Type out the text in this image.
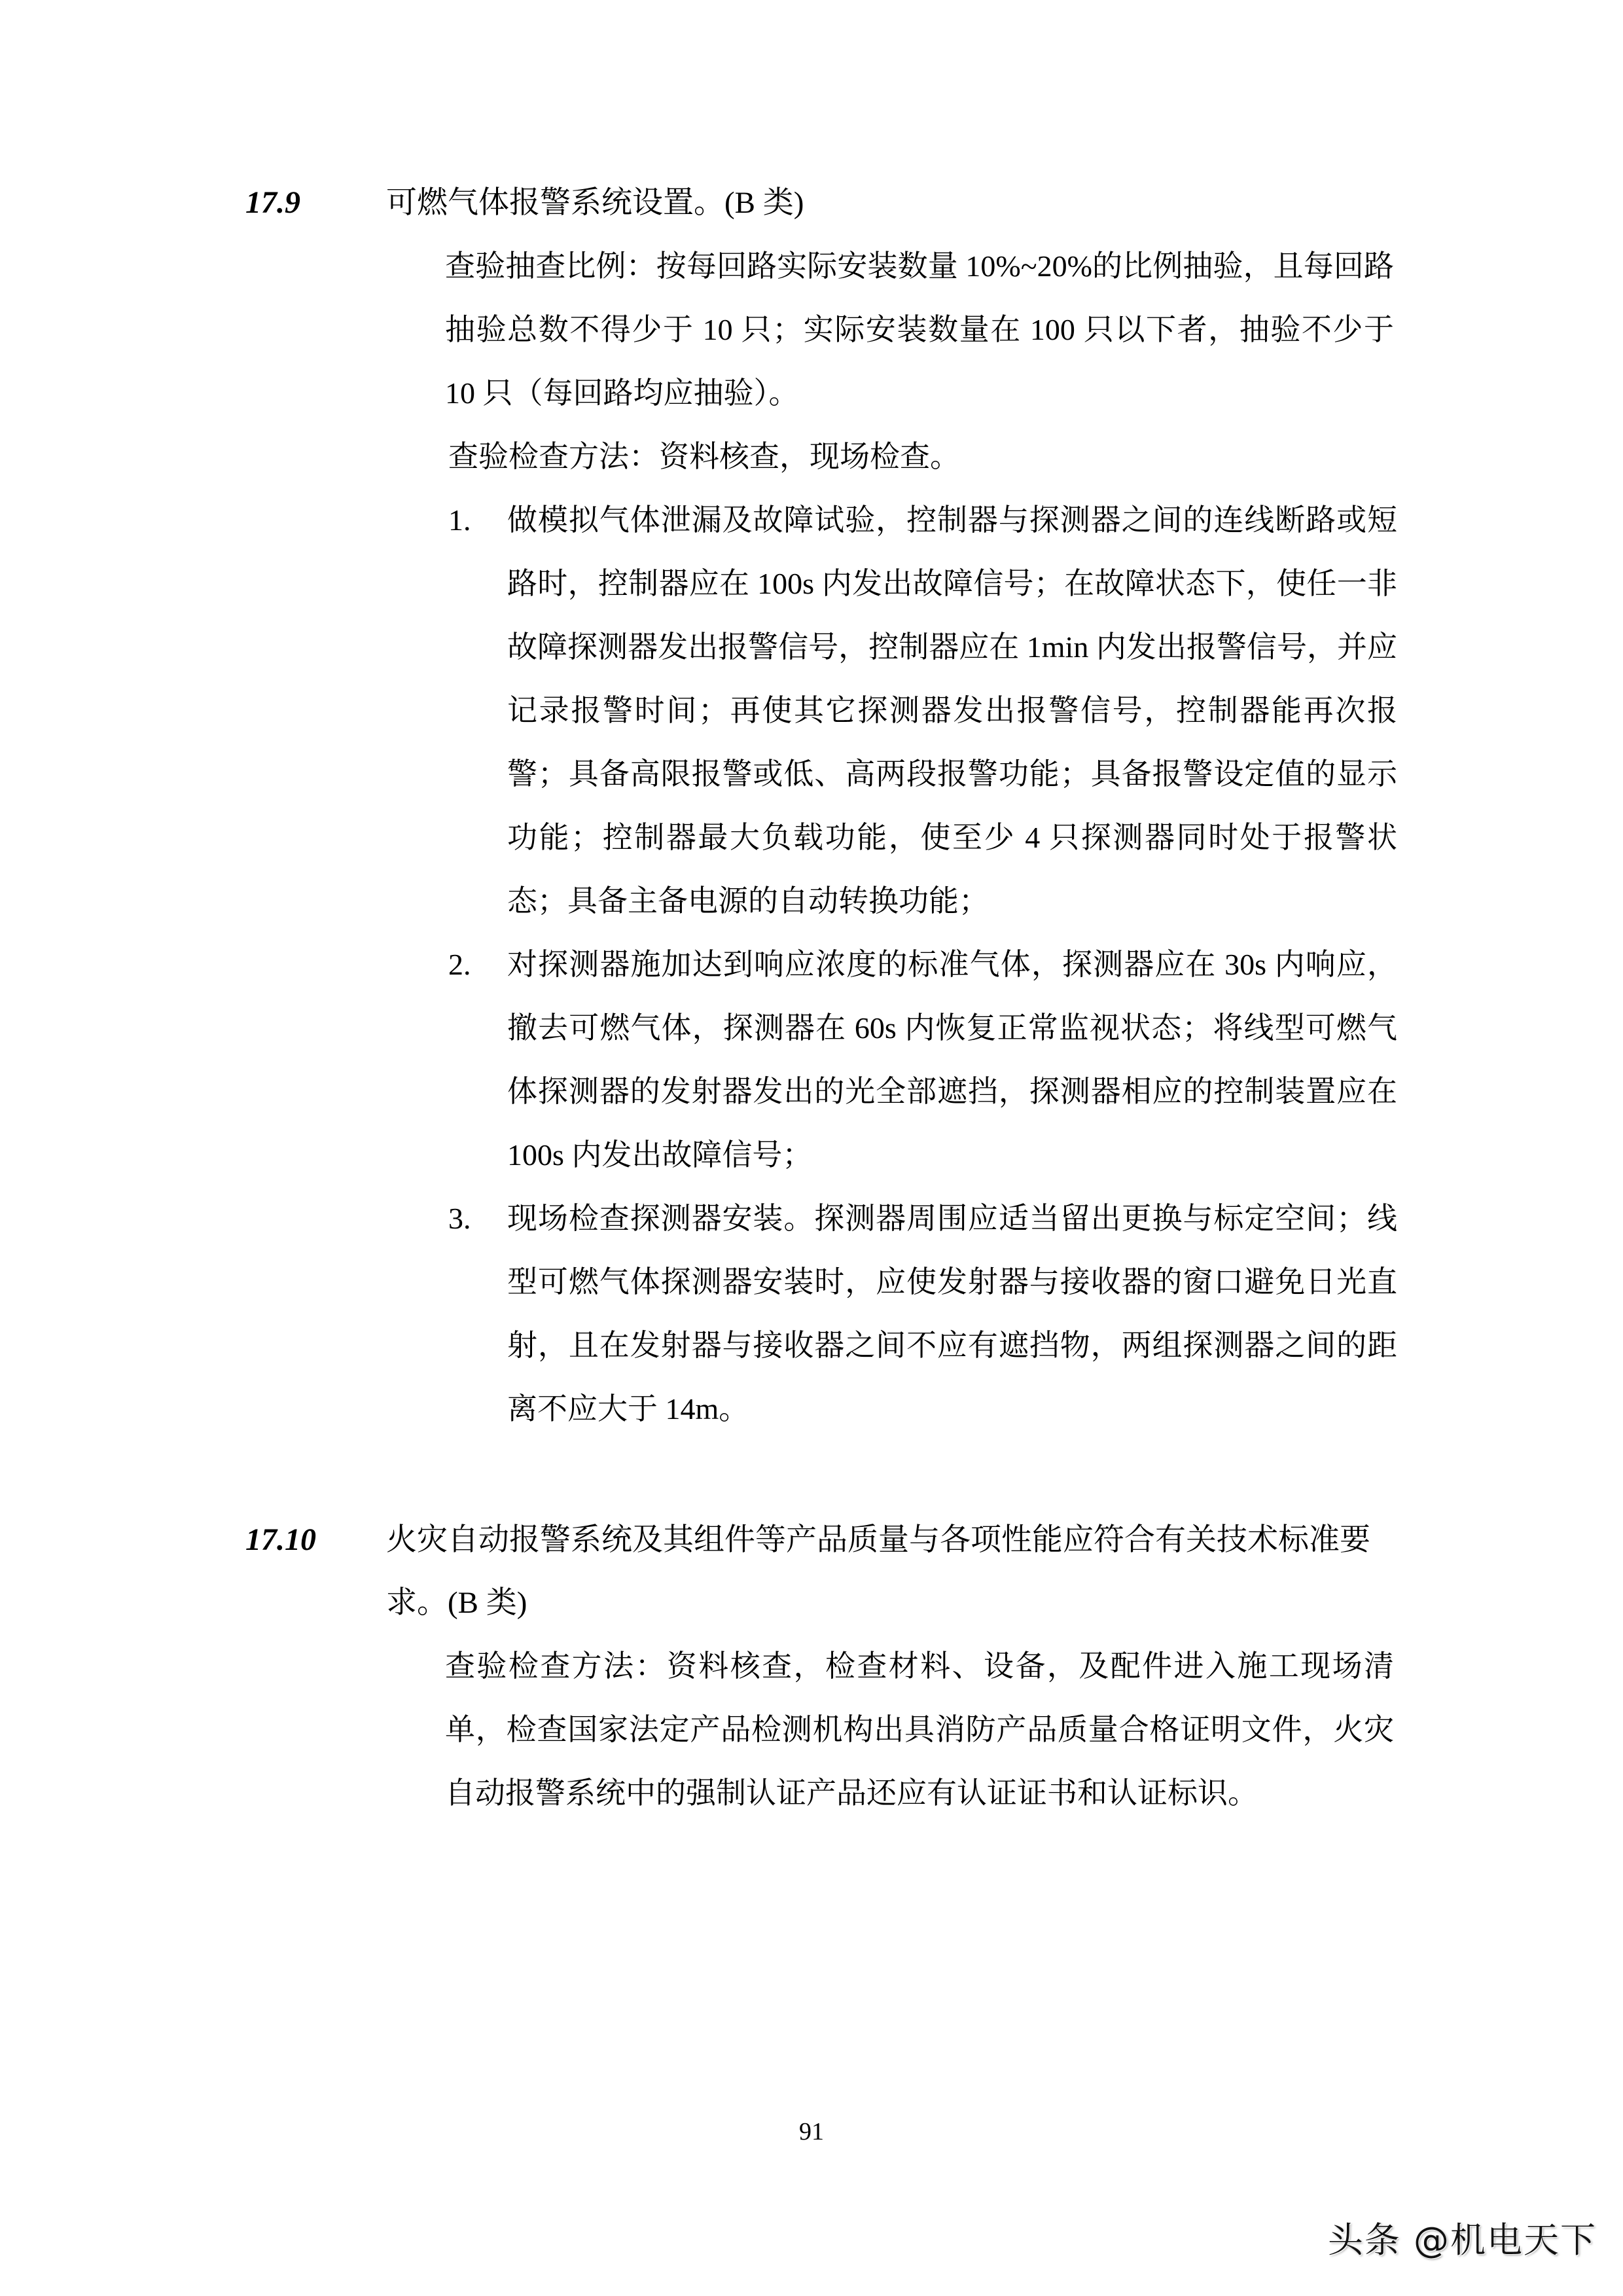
17.9	可燃气体报警系统设置。(B 类)

查验抽查比例：按每回路实际安装数量 10%~20%的比例抽验，且每回路抽验总数不得少于 10 只；实际安装数量在 100 只以下者，抽验不少于 10 只（每回路均应抽验）。

查验检查方法：资料核查，现场检查。

1.	做模拟气体泄漏及故障试验，控制器与探测器之间的连线断路或短路时，控制器应在 100s 内发出故障信号；在故障状态下，使任一非故障探测器发出报警信号，控制器应在 1min 内发出报警信号，并应记录报警时间；再使其它探测器发出报警信号，控制器能再次报警；具备高限报警或低、高两段报警功能；具备报警设定值的显示功能；控制器最大负载功能，使至少 4 只探测器同时处于报警状态；具备主备电源的自动转换功能；
2.	对探测器施加达到响应浓度的标准气体，探测器应在 30s 内响应，撤去可燃气体，探测器在 60s 内恢复正常监视状态；将线型可燃气体探测器的发射器发出的光全部遮挡，探测器相应的控制装置应在 100s 内发出故障信号；
3.	现场检查探测器安装。探测器周围应适当留出更换与标定空间；线型可燃气体探测器安装时，应使发射器与接收器的窗口避免日光直射，且在发射器与接收器之间不应有遮挡物，两组探测器之间的距离不应大于 14m。
17.10	火灾自动报警系统及其组件等产品质量与各项性能应符合有关技术标准要求。(B 类)

查验检查方法：资料核查，检查材料、设备，及配件进入施工现场清单，检查国家法定产品检测机构出具消防产品质量合格证明文件，火灾自动报警系统中的强制认证产品还应有认证证书和认证标识。

91
头条 @机电天下
